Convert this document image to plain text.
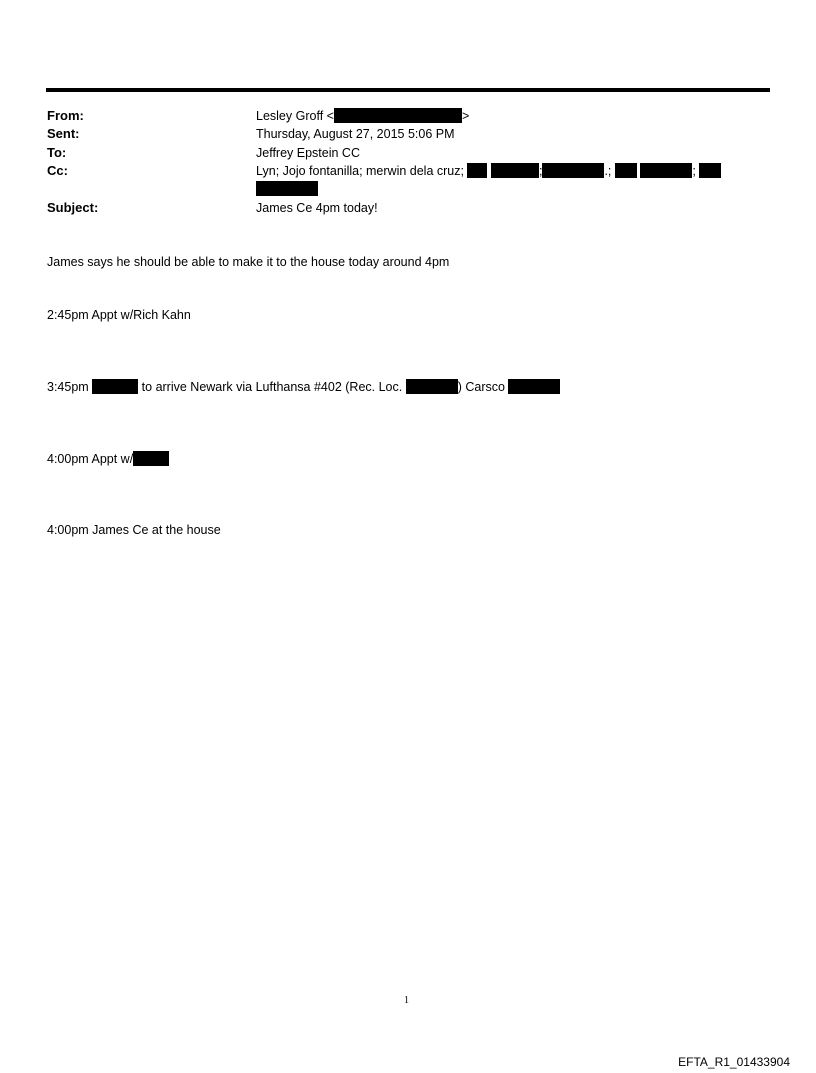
From:	Lesley Groff <	>
Sent:	Thursday, August 27, 2015 5:06 PM
To:	Jeffrey Epstein CC
Cc:	Lyn; Jojo fontanilla; merwin dela cruz;	;	.;	;
Subject:	James Ce 4pm today!
James says he should be able to make it to the house today around 4pm
2:45pm Appt w/Rich Kahn
3:45pm	to arrive Newark via Lufthansa #402 (Rec. Loc.	) Carsco
4:00pm Appt w/
4:00pm James Ce at the house
1
EFTA_R1_01433904
